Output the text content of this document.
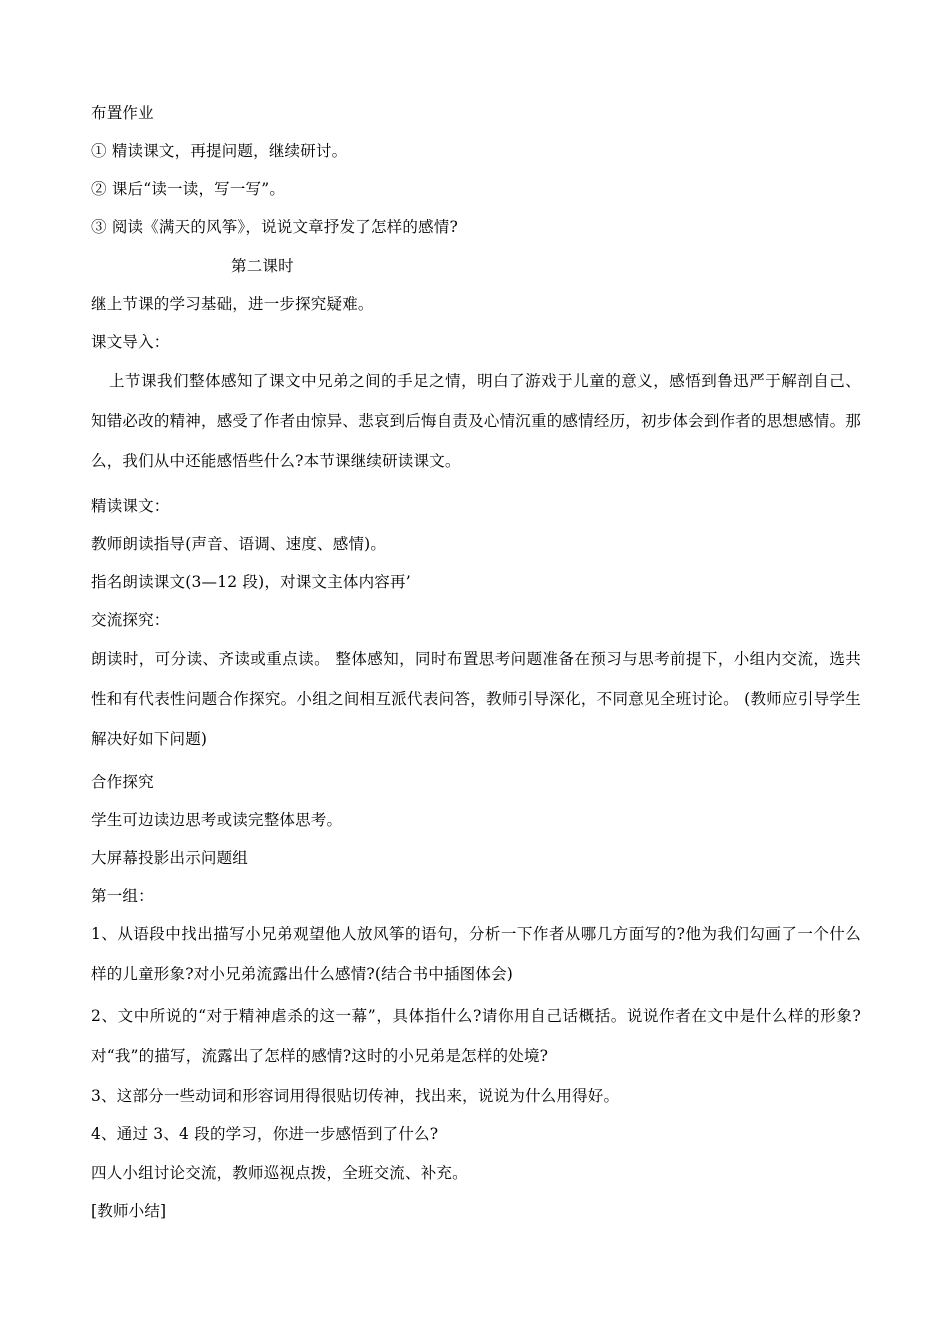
布置作业
① 精读课文，再提问题，继续研讨。
② 课后“读一读，写一写”。
③ 阅读《满天的风筝》，说说文章抒发了怎样的感情?
第二课时
继上节课的学习基础，进一步探究疑难。
课文导入：
上节课我们整体感知了课文中兄弟之间的手足之情，明白了游戏于儿童的意义，感悟到鲁迅严于解剖自己、知错必改的精神，感受了作者由惊异、悲哀到后悔自责及心情沉重的感情经历，初步体会到作者的思想感情。那么，我们从中还能感悟些什么?本节课继续研读课文。
精读课文：
教师朗读指导(声音、语调、速度、感情)。
指名朗读课文(3—12 段)，对课文主体内容再’
交流探究：
朗读时，可分读、齐读或重点读。 整体感知，同时布置思考问题准备在预习与思考前提下，小组内交流，选共性和有代表性问题合作探究。小组之间相互派代表问答，教师引导深化，不同意见全班讨论。 (教师应引导学生解决好如下问题)
合作探究
学生可边读边思考或读完整体思考。
大屏幕投影出示问题组
第一组：
1、从语段中找出描写小兄弟观望他人放风筝的语句，分析一下作者从哪几方面写的?他为我们勾画了一个什么样的儿童形象?对小兄弟流露出什么感情?(结合书中插图体会)
2、文中所说的“对于精神虐杀的这一幕”，具体指什么?请你用自己话概括。说说作者在文中是什么样的形象?对“我”的描写，流露出了怎样的感情?这时的小兄弟是怎样的处境?
3、这部分一些动词和形容词用得很贴切传神，找出来，说说为什么用得好。
4、通过 3、4 段的学习，你进一步感悟到了什么?
四人小组讨论交流，教师巡视点拨，全班交流、补充。
[教师小结]
